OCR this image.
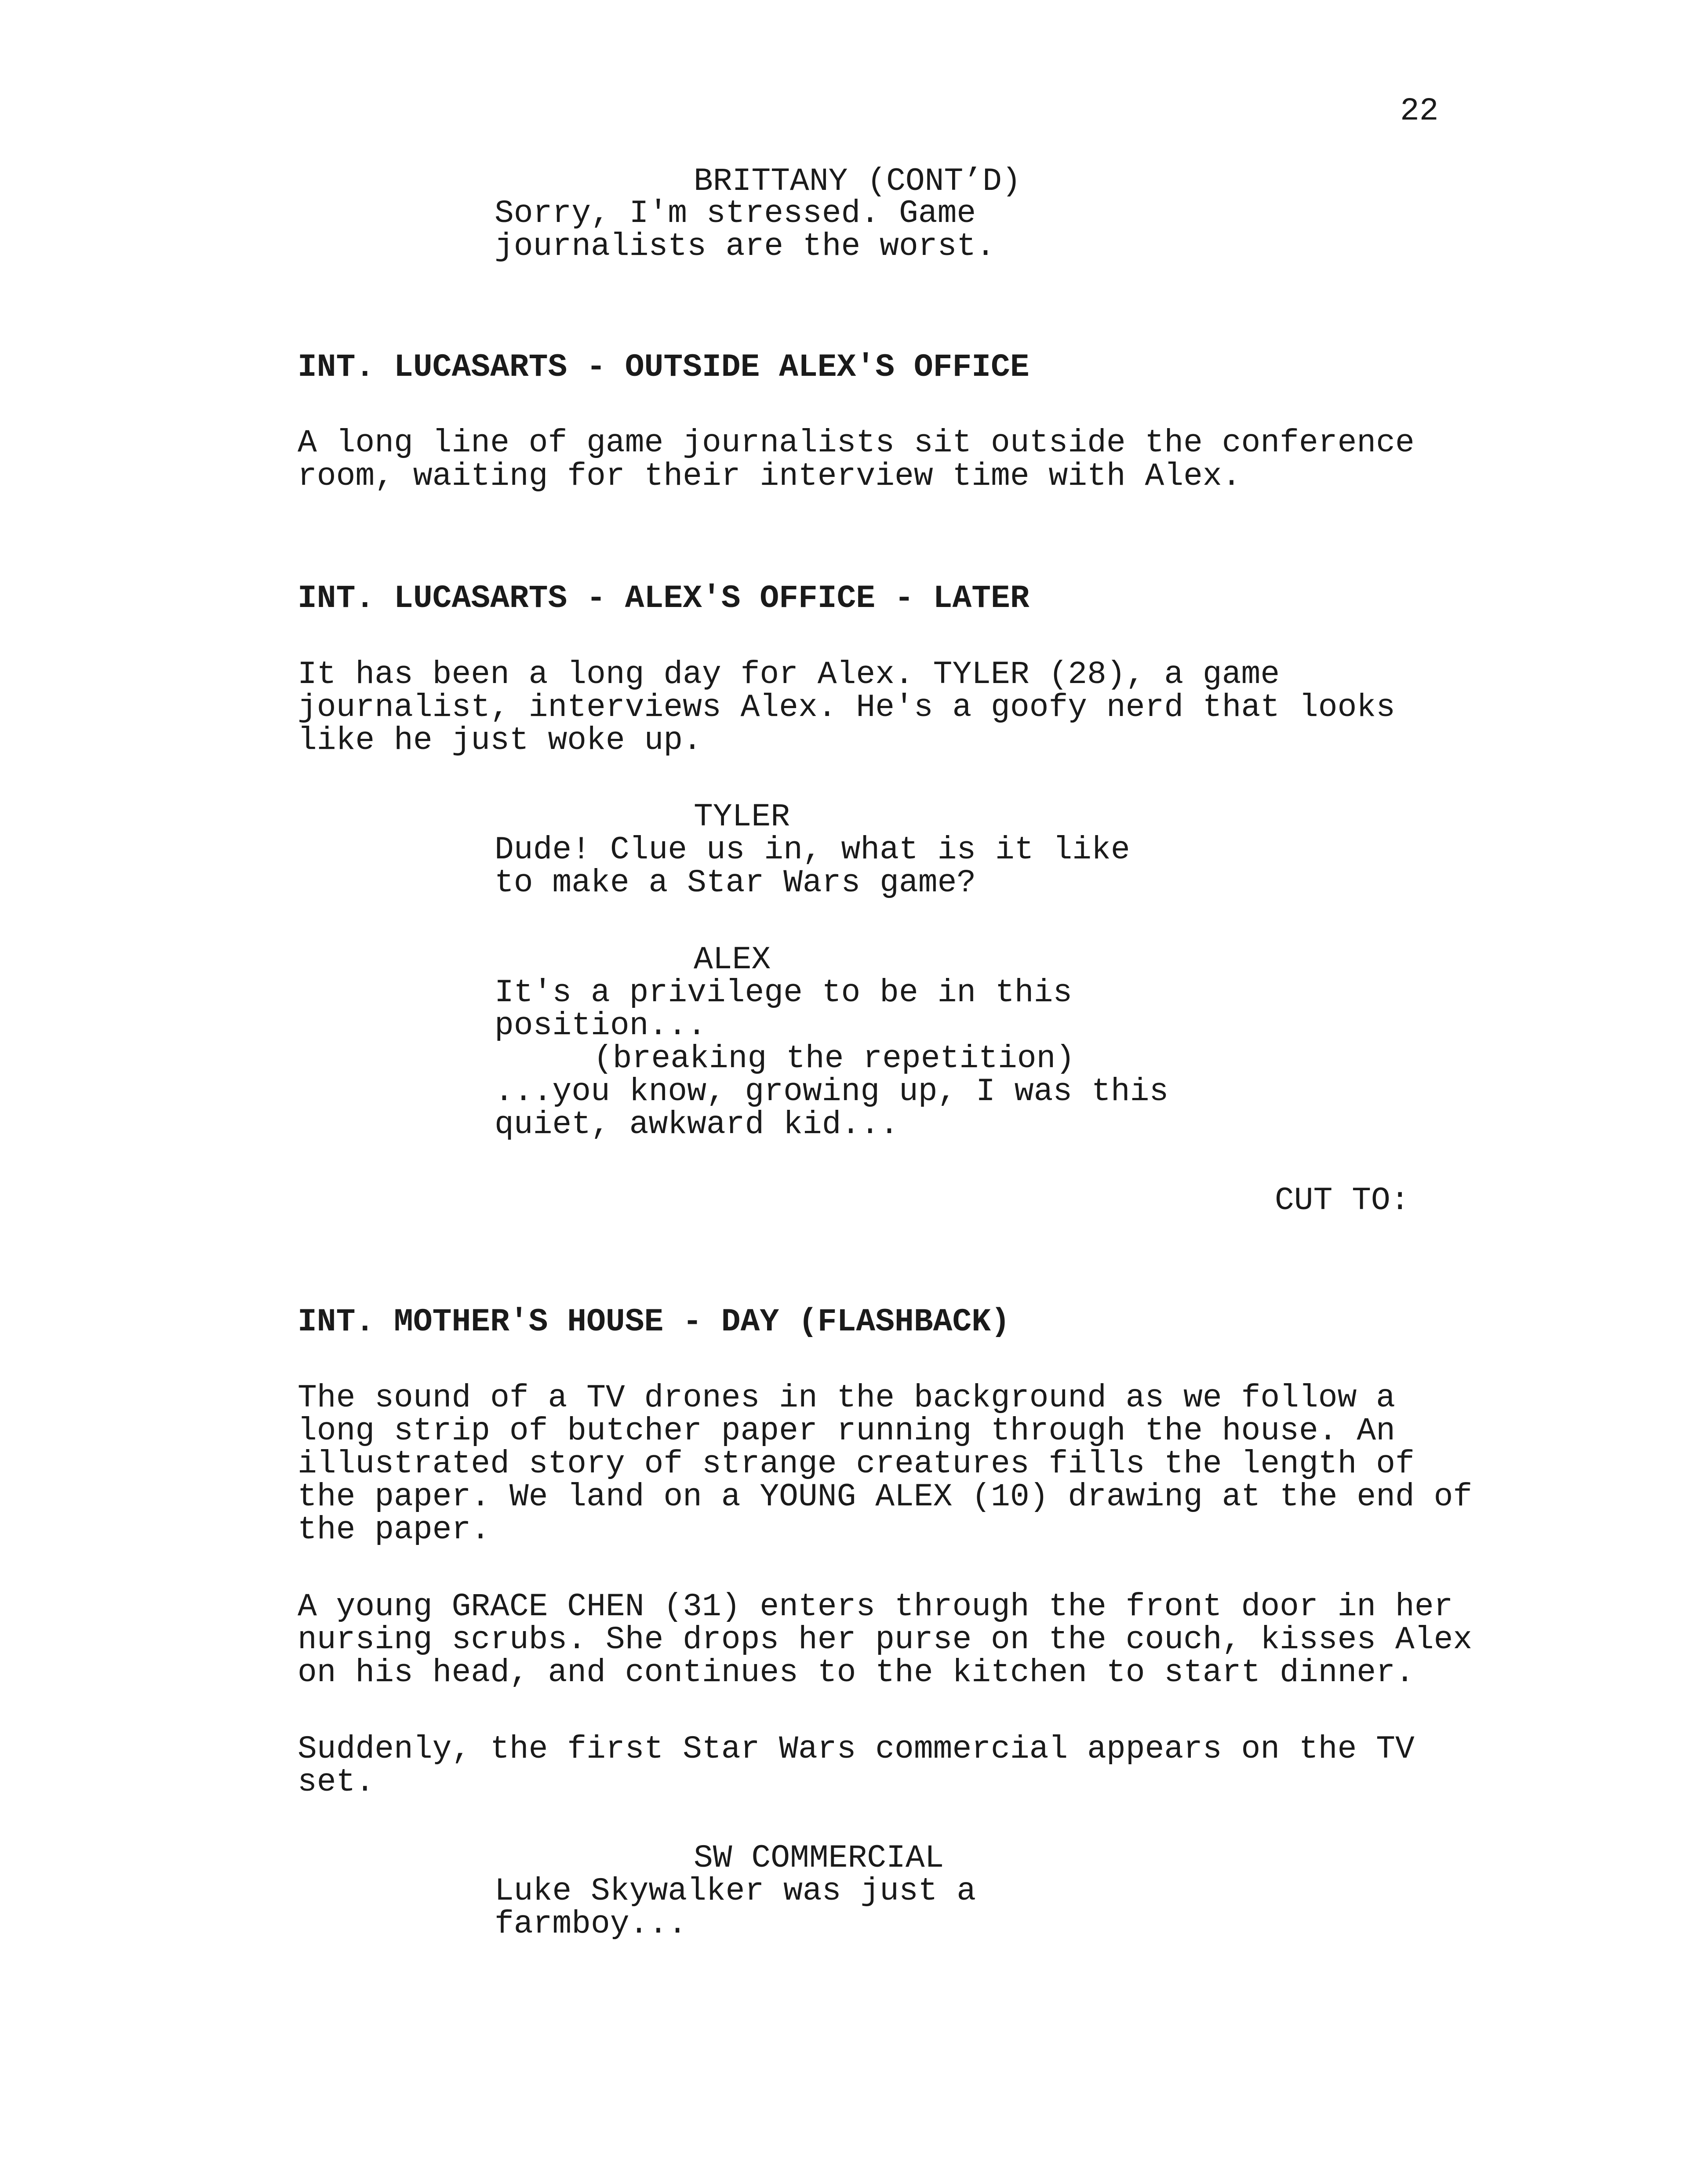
22
BRITTANY (CONT’D)
Sorry, I'm stressed. Game
journalists are the worst.
INT. LUCASARTS - OUTSIDE ALEX'S OFFICE
A long line of game journalists sit outside the conference
room, waiting for their interview time with Alex.
INT. LUCASARTS - ALEX'S OFFICE - LATER
It has been a long day for Alex. TYLER (28), a game
journalist, interviews Alex. He's a goofy nerd that looks
like he just woke up.
TYLER
Dude! Clue us in, what is it like
to make a Star Wars game?
ALEX
It's a privilege to be in this
position...
(breaking the repetition)
...you know, growing up, I was this
quiet, awkward kid...
CUT TO:
INT. MOTHER'S HOUSE - DAY (FLASHBACK)
The sound of a TV drones in the background as we follow a
long strip of butcher paper running through the house. An
illustrated story of strange creatures fills the length of
the paper. We land on a YOUNG ALEX (10) drawing at the end of
the paper.
A young GRACE CHEN (31) enters through the front door in her
nursing scrubs. She drops her purse on the couch, kisses Alex
on his head, and continues to the kitchen to start dinner.
Suddenly, the first Star Wars commercial appears on the TV
set.
SW COMMERCIAL
Luke Skywalker was just a
farmboy...
